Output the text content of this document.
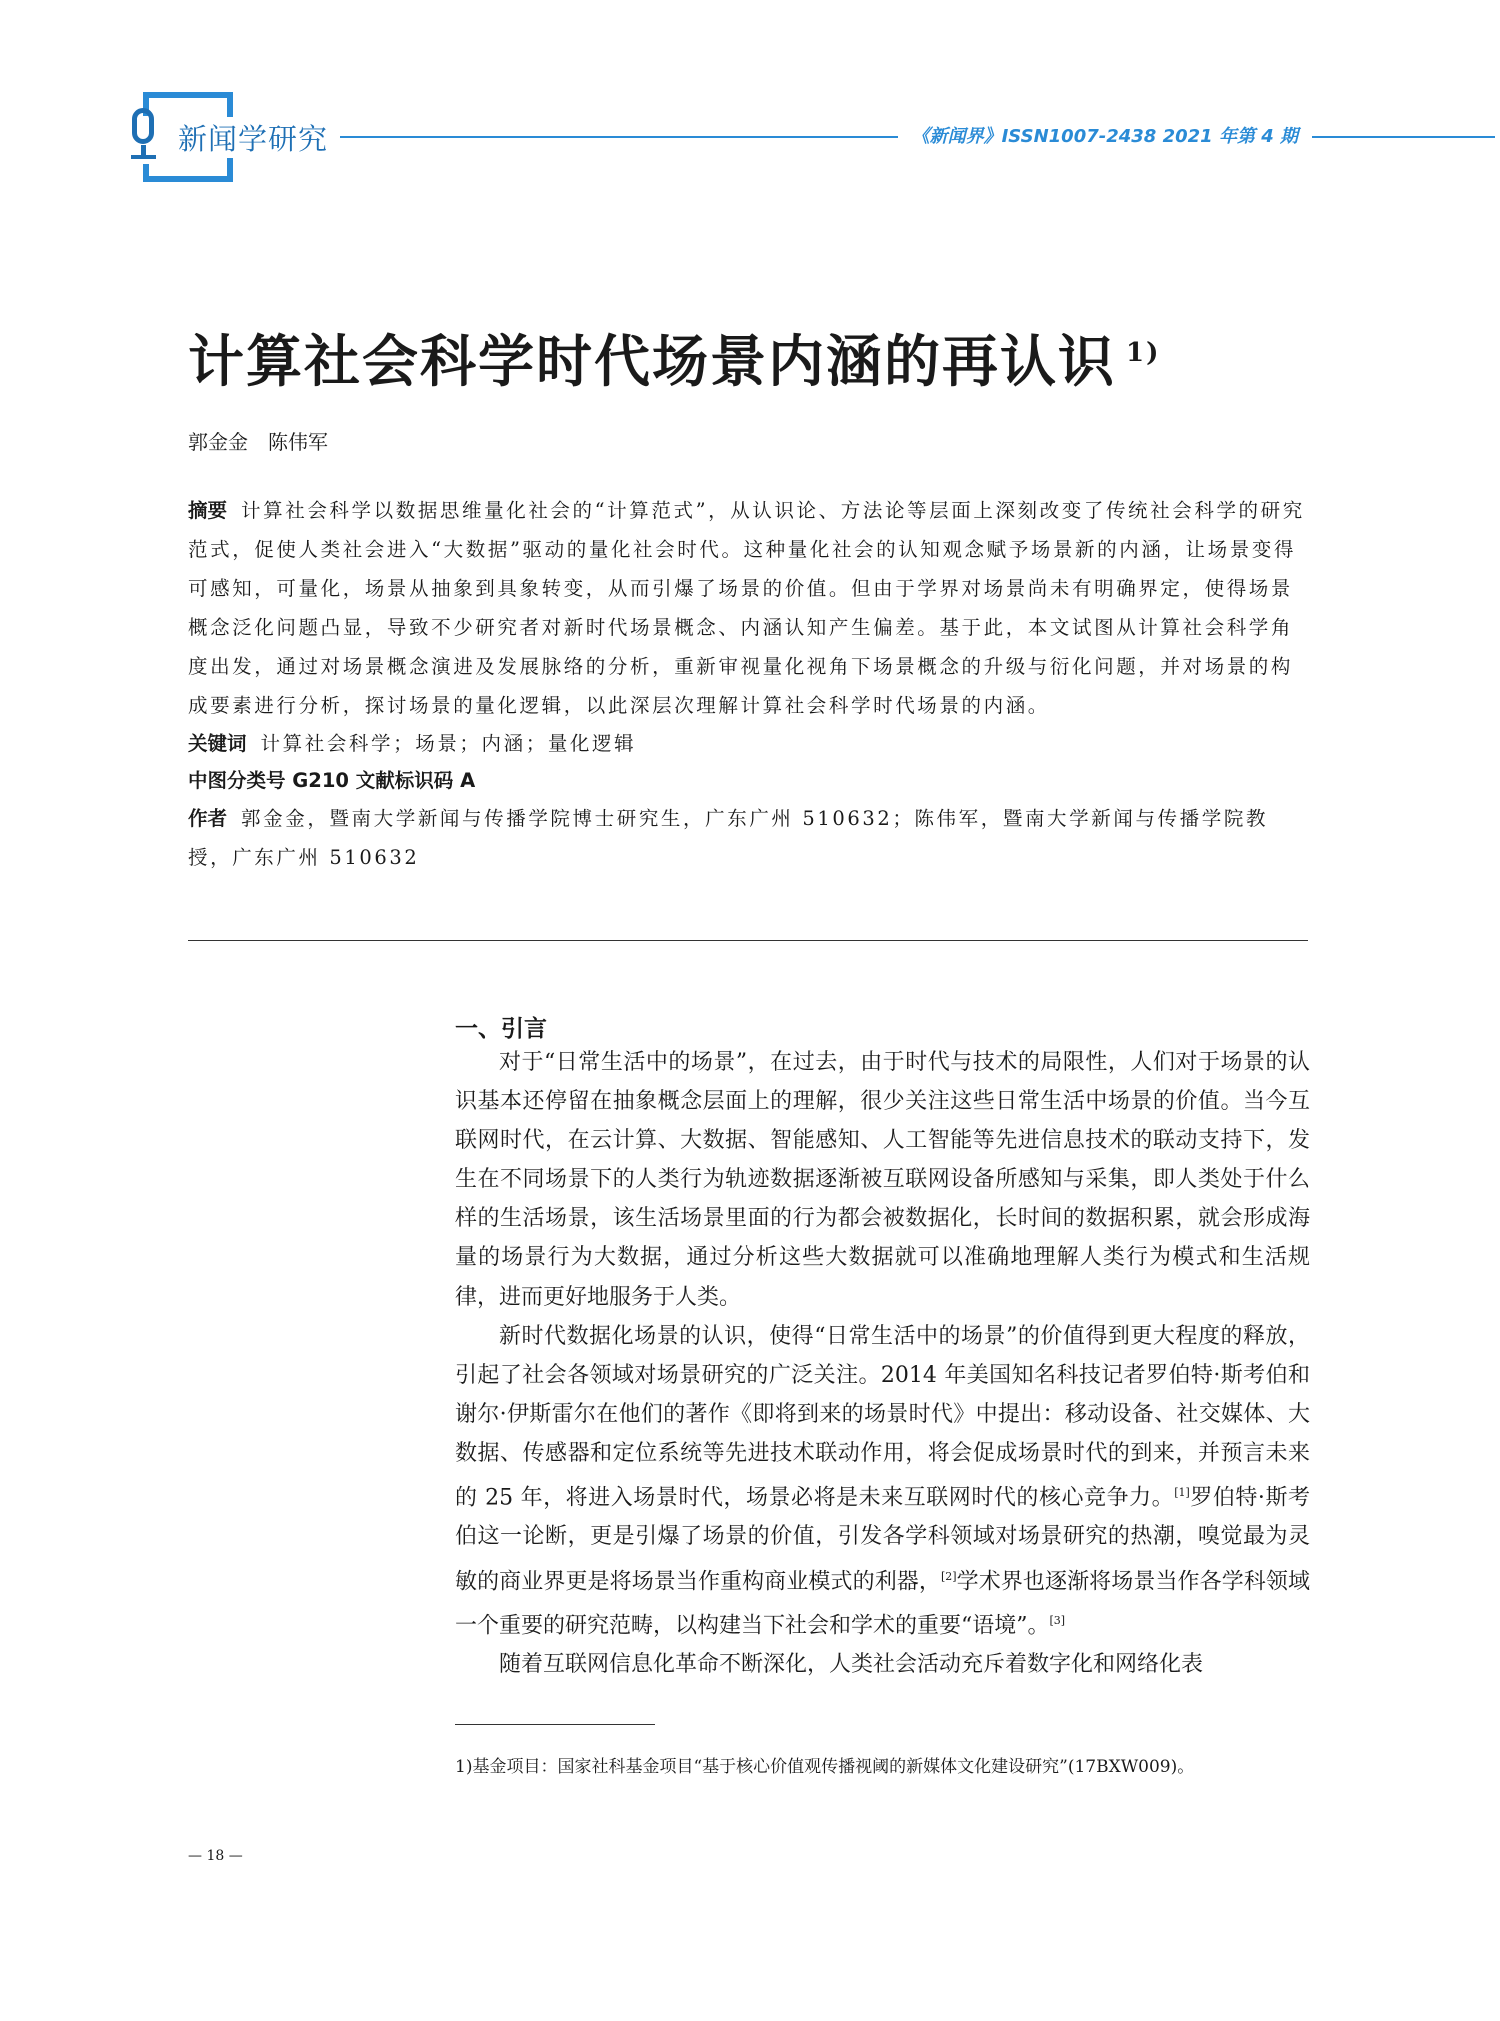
新闻学研究	《新闻界》ISSN1007-2438 2021 年第 4 期
计算社会科学时代场景内涵的再认识 $^{1)}$
郭金金　陈伟军

摘要 计算社会科学以数据思维量化社会的“计算范式”，从认识论、方法论等层面上深刻改变了传统社会科学的研究范式，促使人类社会进入“大数据”驱动的量化社会时代。这种量化社会的认知观念赋予场景新的内涵，让场景变得可感知，可量化，场景从抽象到具象转变，从而引爆了场景的价值。但由于学界对场景尚未有明确界定，使得场景概念泛化问题凸显，导致不少研究者对新时代场景概念、内涵认知产生偏差。基于此，本文试图从计算社会科学角度出发，通过对场景概念演进及发展脉络的分析，重新审视量化视角下场景概念的升级与衍化问题，并对场景的构成要素进行分析，探讨场景的量化逻辑，以此深层次理解计算社会科学时代场景的内涵。

关键词 计算社会科学；场景；内涵；量化逻辑

中图分类号 G210 文献标识码 A

作者 郭金金，暨南大学新闻与传播学院博士研究生，广东广州 510632；陈伟军，暨南大学新闻与传播学院教授，广东广州 510632

一、引言

对于“日常生活中的场景”，在过去，由于时代与技术的局限性，人们对于场景的认识基本还停留在抽象概念层面上的理解，很少关注这些日常生活中场景的价值。当今互联网时代，在云计算、大数据、智能感知、人工智能等先进信息技术的联动支持下，发生在不同场景下的人类行为轨迹数据逐渐被互联网设备所感知与采集，即人类处于什么样的生活场景，该生活场景里面的行为都会被数据化，长时间的数据积累，就会形成海量的场景行为大数据，通过分析这些大数据就可以准确地理解人类行为模式和生活规律，进而更好地服务于人类。

新时代数据化场景的认识，使得“日常生活中的场景”的价值得到更大程度的释放，引起了社会各领域对场景研究的广泛关注。2014 年美国知名科技记者罗伯特·斯考伯和谢尔·伊斯雷尔在他们的著作《即将到来的场景时代》中提出：移动设备、社交媒体、大数据、传感器和定位系统等先进技术联动作用，将会促成场景时代的到来，并预言未来的 25 年，将进入场景时代，场景必将是未来互联网时代的核心竞争力。[1]罗伯特·斯考伯这一论断，更是引爆了场景的价值，引发各学科领域对场景研究的热潮，嗅觉最为灵敏的商业界更是将场景当作重构商业模式的利器，[2]学术界也逐渐将场景当作各学科领域一个重要的研究范畴，以构建当下社会和学术的重要“语境”。[3]

随着互联网信息化革命不断深化，人类社会活动充斥着数字化和网络化表

1)基金项目：国家社科基金项目“基于核心价值观传播视阈的新媒体文化建设研究”(17BXW009)。
— 18 —
